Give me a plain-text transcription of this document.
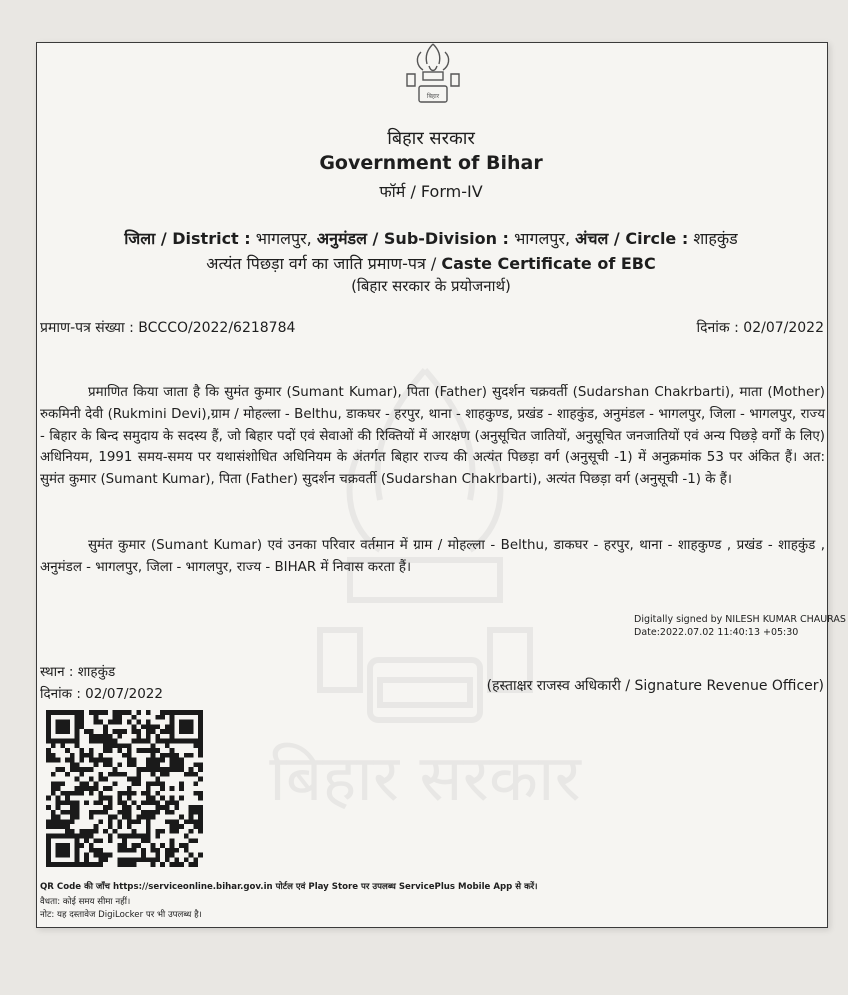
बिहार सरकार
बिहार
बिहार सरकार
Government of Bihar
फॉर्म / Form-IV
जिला / District : भागलपुर, अनुमंडल / Sub-Division : भागलपुर, अंचल / Circle : शाहकुंड
अत्यंत पिछड़ा वर्ग का जाति प्रमाण-पत्र / Caste Certificate of EBC
(बिहार सरकार के प्रयोजनार्थ)
प्रमाण-पत्र संख्या : BCCCO/2022/6218784	दिनांक : 02/07/2022

प्रमाणित किया जाता है कि सुमंत कुमार (Sumant Kumar), पिता (Father) सुदर्शन चक्रवर्ती (Sudarshan Chakrbarti), माता (Mother) रुकमिनी देवी (Rukmini Devi),ग्राम / मोहल्ला - Belthu, डाकघर - हरपुर, थाना - शाहकुण्ड, प्रखंड - शाहकुंड, अनुमंडल - भागलपुर, जिला - भागलपुर, राज्य - बिहार के बिन्द समुदाय के सदस्य हैं, जो बिहार पदों एवं सेवाओं की रिक्तियों में आरक्षण (अनुसूचित जातियों, अनुसूचित जनजातियों एवं अन्य पिछड़े वर्गों के लिए) अधिनियम, 1991 समय-समय पर यथासंशोधित अधिनियम के अंतर्गत बिहार राज्य की अत्यंत पिछड़ा वर्ग (अनुसूची -1) में अनुक्रमांक 53 पर अंकित हैं। अत: सुमंत कुमार (Sumant Kumar), पिता (Father) सुदर्शन चक्रवर्ती (Sudarshan Chakrbarti), अत्यंत पिछड़ा वर्ग (अनुसूची -1) के हैं।

सुमंत कुमार (Sumant Kumar) एवं उनका परिवार वर्तमान में ग्राम / मोहल्ला - Belthu, डाकघर - हरपुर, थाना - शाहकुण्ड , प्रखंड - शाहकुंड , अनुमंडल - भागलपुर, जिला - भागलपुर, राज्य - BIHAR में निवास करता हैं।

Digitally signed by NILESH KUMAR CHAURAS
Date:2022.07.02 11:40:13 +05:30
स्थान : शाहकुंड
दिनांक : 02/07/2022	(हस्ताक्षर राजस्व अधिकारी / Signature Revenue Officer)
QR Code की जाँच https://serviceonline.bihar.gov.in पोर्टल एवं Play Store पर उपलब्ध ServicePlus Mobile App से करें।
वैधता: कोई समय सीमा नहीं।
नोट: यह दस्तावेज DigiLocker पर भी उपलब्ध है।
